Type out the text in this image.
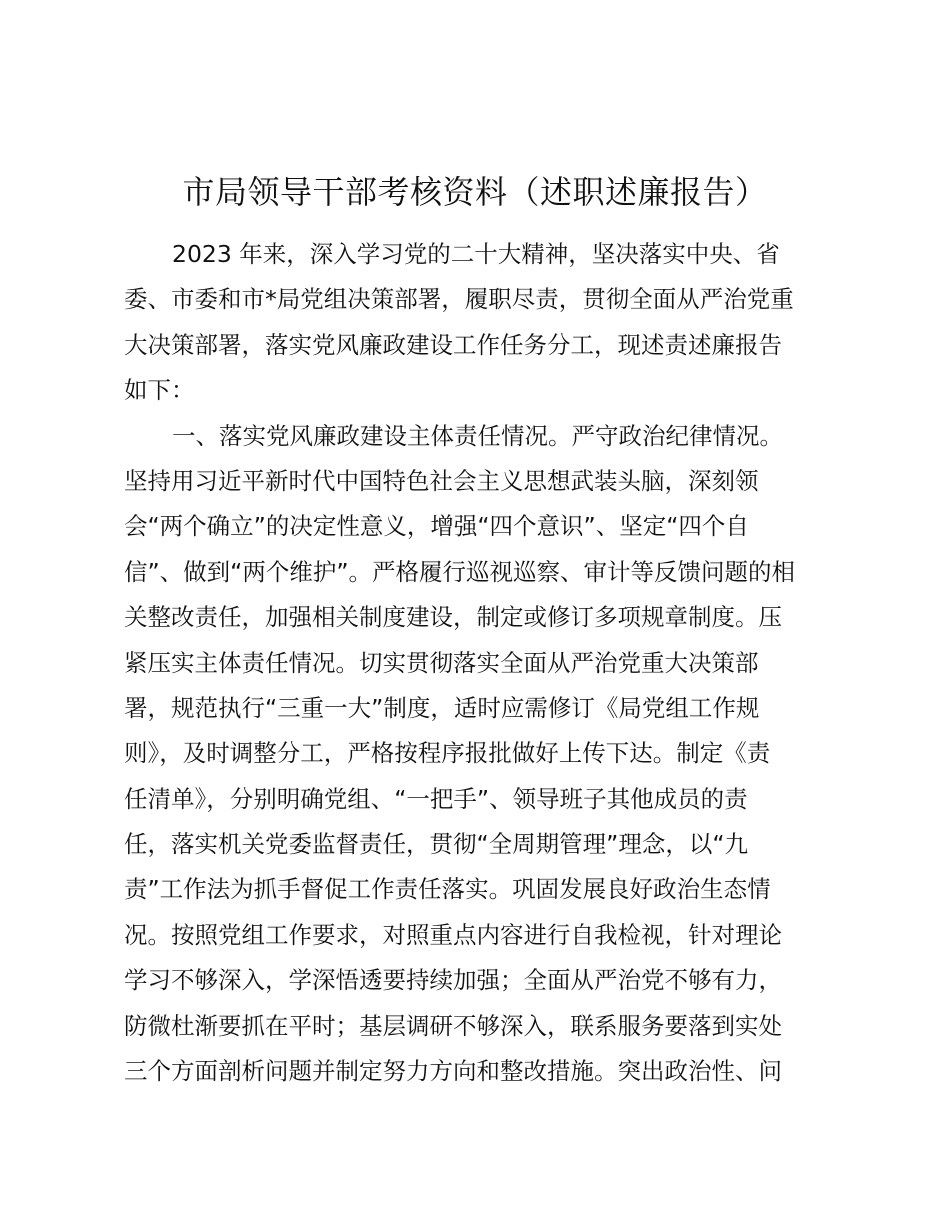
市局领导干部考核资料（述职述廉报告）
2023 年来，深入学习党的二十大精神，坚决落实中央、省
委、市委和市*局党组决策部署，履职尽责，贯彻全面从严治党重
大决策部署，落实党风廉政建设工作任务分工，现述责述廉报告
如下：
一、落实党风廉政建设主体责任情况。严守政治纪律情况。
坚持用习近平新时代中国特色社会主义思想武装头脑，深刻领
会“两个确立”的决定性意义，增强“四个意识”、坚定“四个自
信”、做到“两个维护”。严格履行巡视巡察、审计等反馈问题的相
关整改责任，加强相关制度建设，制定或修订多项规章制度。压
紧压实主体责任情况。切实贯彻落实全面从严治党重大决策部
署，规范执行“三重一大”制度，适时应需修订《局党组工作规
则》，及时调整分工，严格按程序报批做好上传下达。制定《责
任清单》，分别明确党组、“一把手”、领导班子其他成员的责
任，落实机关党委监督责任，贯彻“全周期管理”理念，以“九
责”工作法为抓手督促工作责任落实。巩固发展良好政治生态情
况。按照党组工作要求，对照重点内容进行自我检视，针对理论
学习不够深入，学深悟透要持续加强；全面从严治党不够有力，
防微杜渐要抓在平时；基层调研不够深入，联系服务要落到实处
三个方面剖析问题并制定努力方向和整改措施。突出政治性、问
